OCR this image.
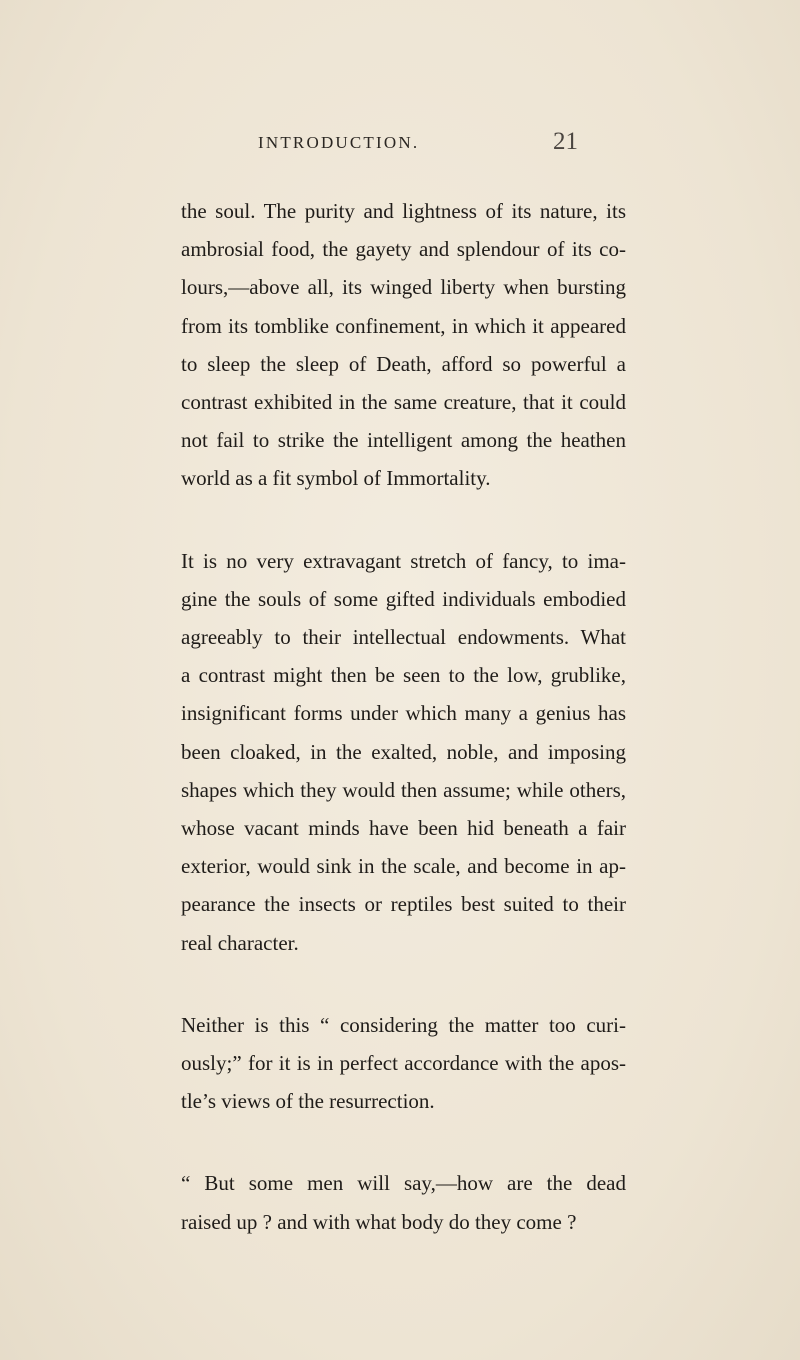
INTRODUCTION.	21

the soul. The purity and lightness of its nature, its
ambrosial food, the gayety and splendour of its co-
lours,—above all, its winged liberty when bursting
from its tomblike confinement, in which it appeared
to sleep the sleep of Death, afford so powerful a
contrast exhibited in the same creature, that it could
not fail to strike the intelligent among the heathen
world as a fit symbol of Immortality.

It is no very extravagant stretch of fancy, to ima-
gine the souls of some gifted individuals embodied
agreeably to their intellectual endowments. What
a contrast might then be seen to the low, grublike,
insignificant forms under which many a genius has
been cloaked, in the exalted, noble, and imposing
shapes which they would then assume; while others,
whose vacant minds have been hid beneath a fair
exterior, would sink in the scale, and become in ap-
pearance the insects or reptiles best suited to their
real character.

Neither is this “ considering the matter too curi-
ously;” for it is in perfect accordance with the apos-
tle’s views of the resurrection.

“ But some men will say,—how are the dead
raised up ? and with what body do they come ?
